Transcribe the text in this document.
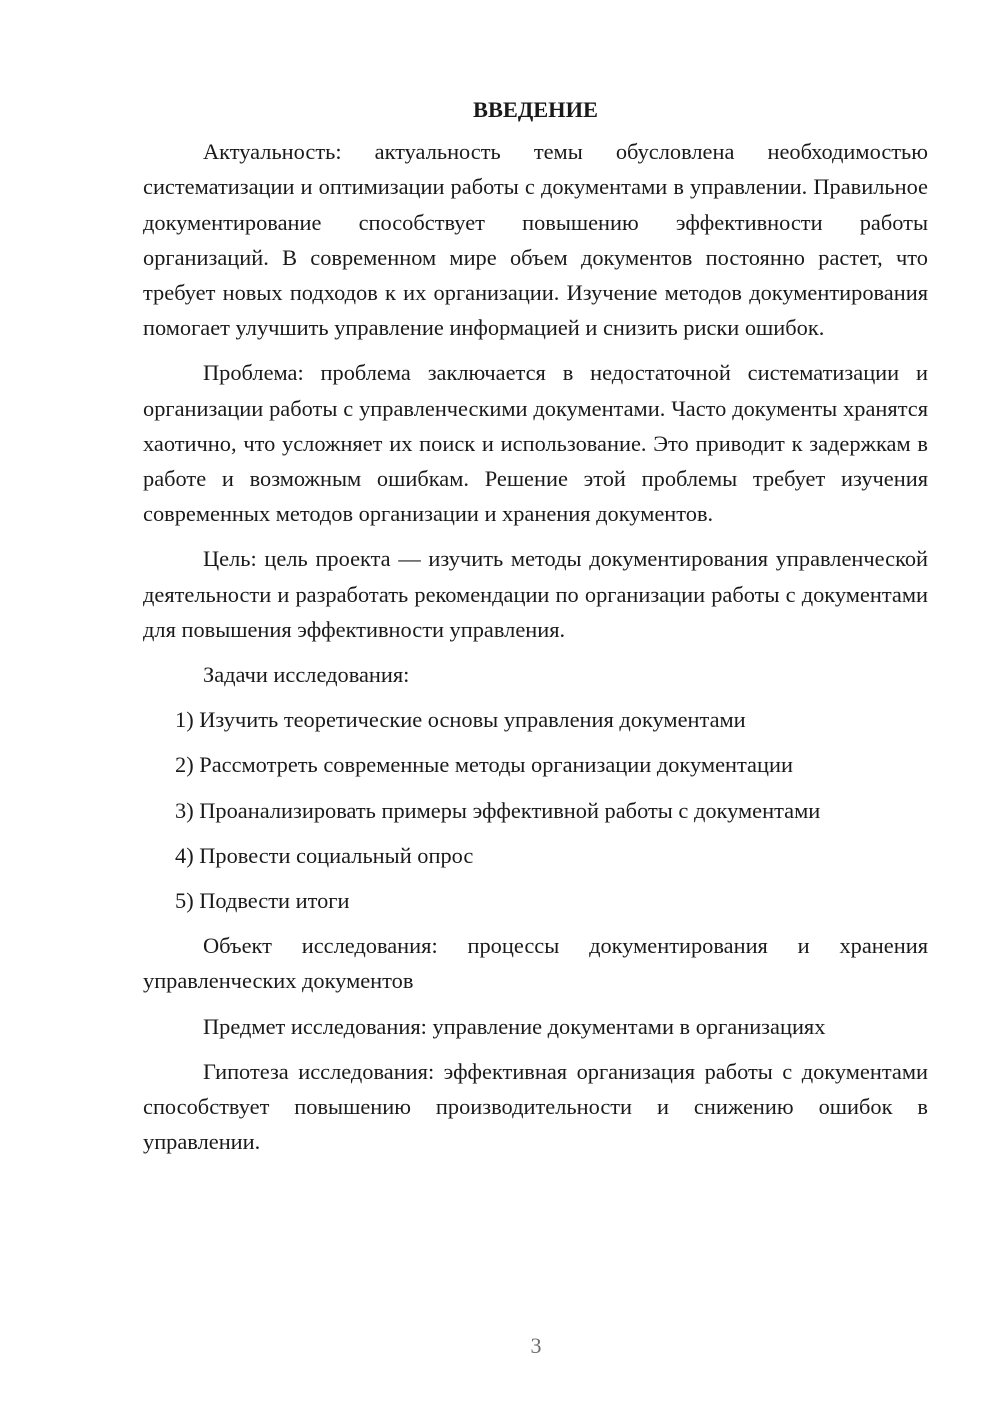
ВВЕДЕНИЕ

Актуальность: актуальность темы обусловлена необходимостью систематизации и оптимизации работы с документами в управлении. Правильное документирование способствует повышению эффективности работы организаций. В современном мире объем документов постоянно растет, что требует новых подходов к их организации. Изучение методов документирования помогает улучшить управление информацией и снизить риски ошибок.

Проблема: проблема заключается в недостаточной систематизации и организации работы с управленческими документами. Часто документы хранятся хаотично, что усложняет их поиск и использование. Это приводит к задержкам в работе и возможным ошибкам. Решение этой проблемы требует изучения современных методов организации и хранения документов.

Цель: цель проекта — изучить методы документирования управленческой деятельности и разработать рекомендации по организации работы с документами для повышения эффективности управления.

Задачи исследования:

1) Изучить теоретические основы управления документами

2) Рассмотреть современные методы организации документации

3) Проанализировать примеры эффективной работы с документами

4) Провести социальный опрос

5) Подвести итоги

Объект исследования: процессы документирования и хранения управленческих документов

Предмет исследования: управление документами в организациях

Гипотеза исследования: эффективная организация работы с документами способствует повышению производительности и снижению ошибок в управлении.

3
